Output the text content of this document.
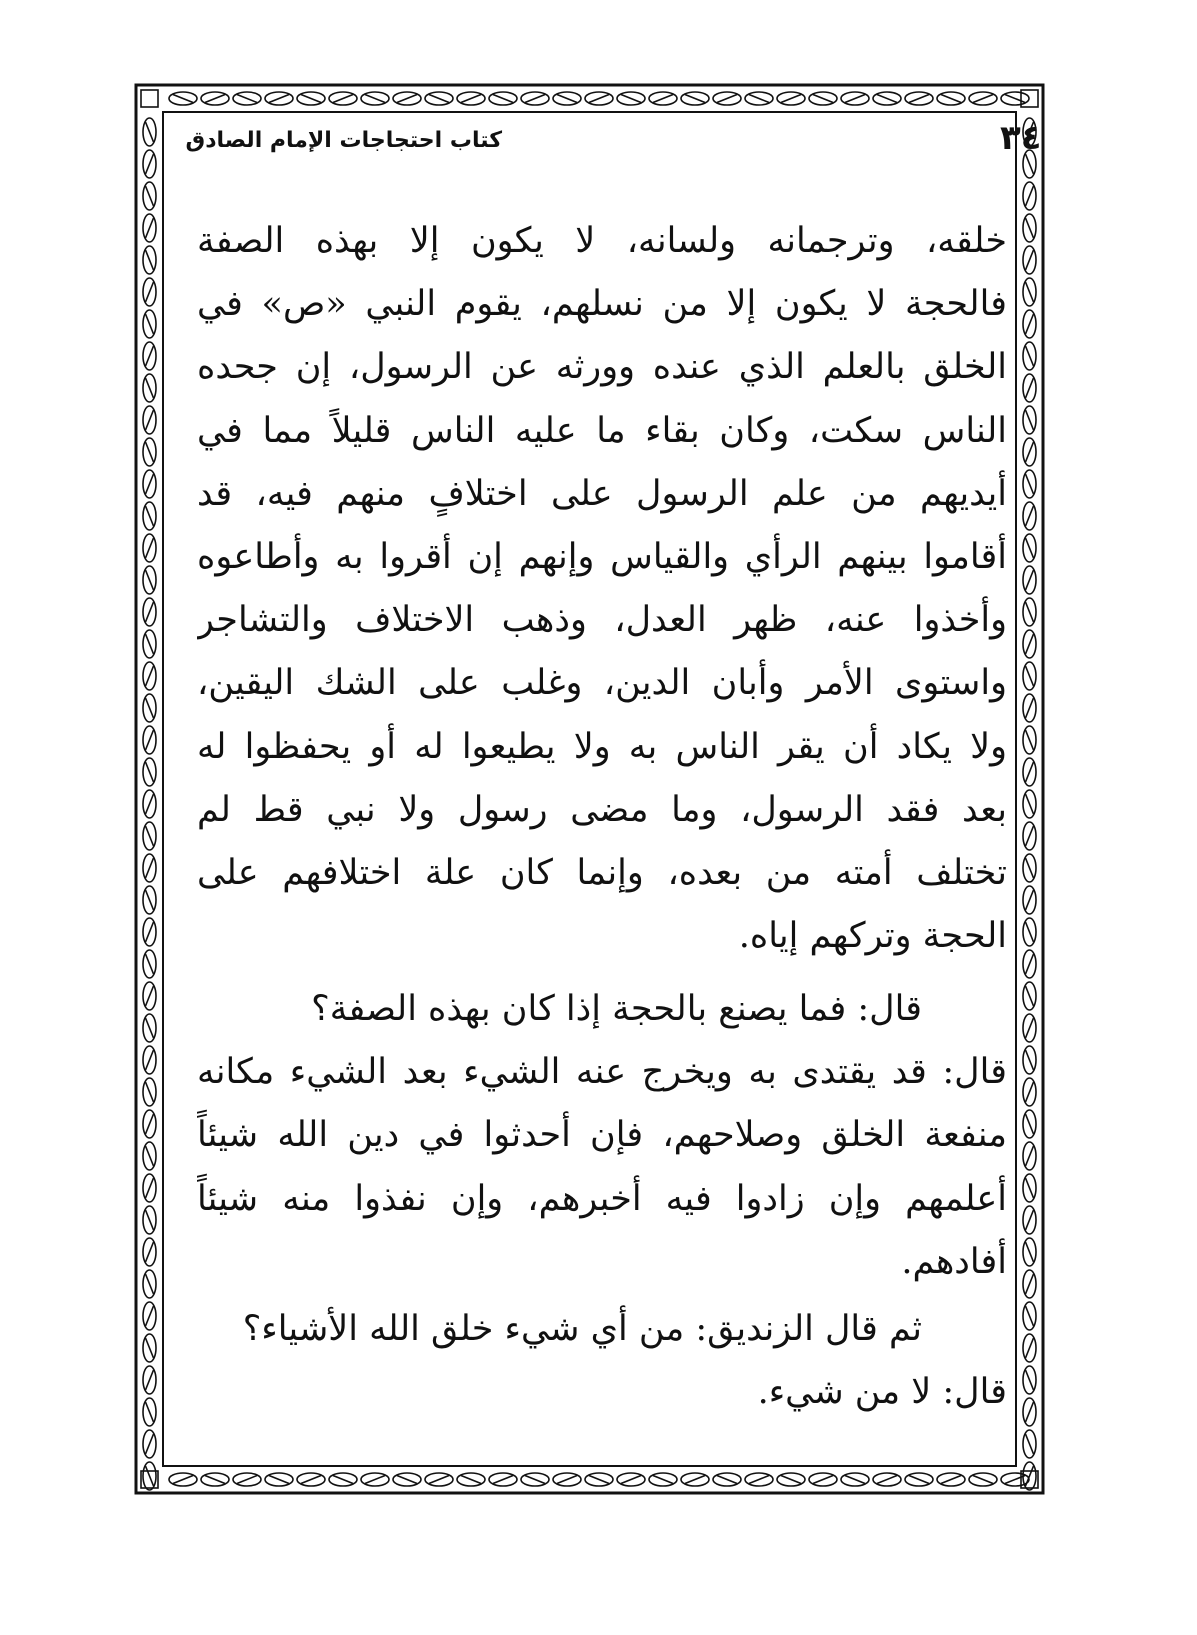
كتاب احتجاجات الإمام الصادق	٣٤
خلقه، وترجمانه ولسانه، لا يكون إلا بهذه الصفة
فالحجة لا يكون إلا من نسلهم، يقوم النبي «ص» في
الخلق بالعلم الذي عنده وورثه عن الرسول، إن جحده
الناس سكت، وكان بقاء ما عليه الناس قليلاً مما في
أيديهم من علم الرسول على اختلافٍ منهم فيه، قد
أقاموا بينهم الرأي والقياس وإنهم إن أقروا به وأطاعوه
وأخذوا عنه، ظهر العدل، وذهب الاختلاف والتشاجر
واستوى الأمر وأبان الدين، وغلب على الشك اليقين،
ولا يكاد أن يقر الناس به ولا يطيعوا له أو يحفظوا له
بعد فقد الرسول، وما مضى رسول ولا نبي قط لم
تختلف أمته من بعده، وإنما كان علة اختلافهم على
الحجة وتركهم إياه.
قال: فما يصنع بالحجة إذا كان بهذه الصفة؟
قال: قد يقتدى به ويخرج عنه الشيء بعد الشيء مكانه
منفعة الخلق وصلاحهم، فإن أحدثوا في دين الله شيئاً
أعلمهم وإن زادوا فيه أخبرهم، وإن نفذوا منه شيئاً
أفادهم.
ثم قال الزنديق: من أي شيء خلق الله الأشياء؟
قال: لا من شيء.
